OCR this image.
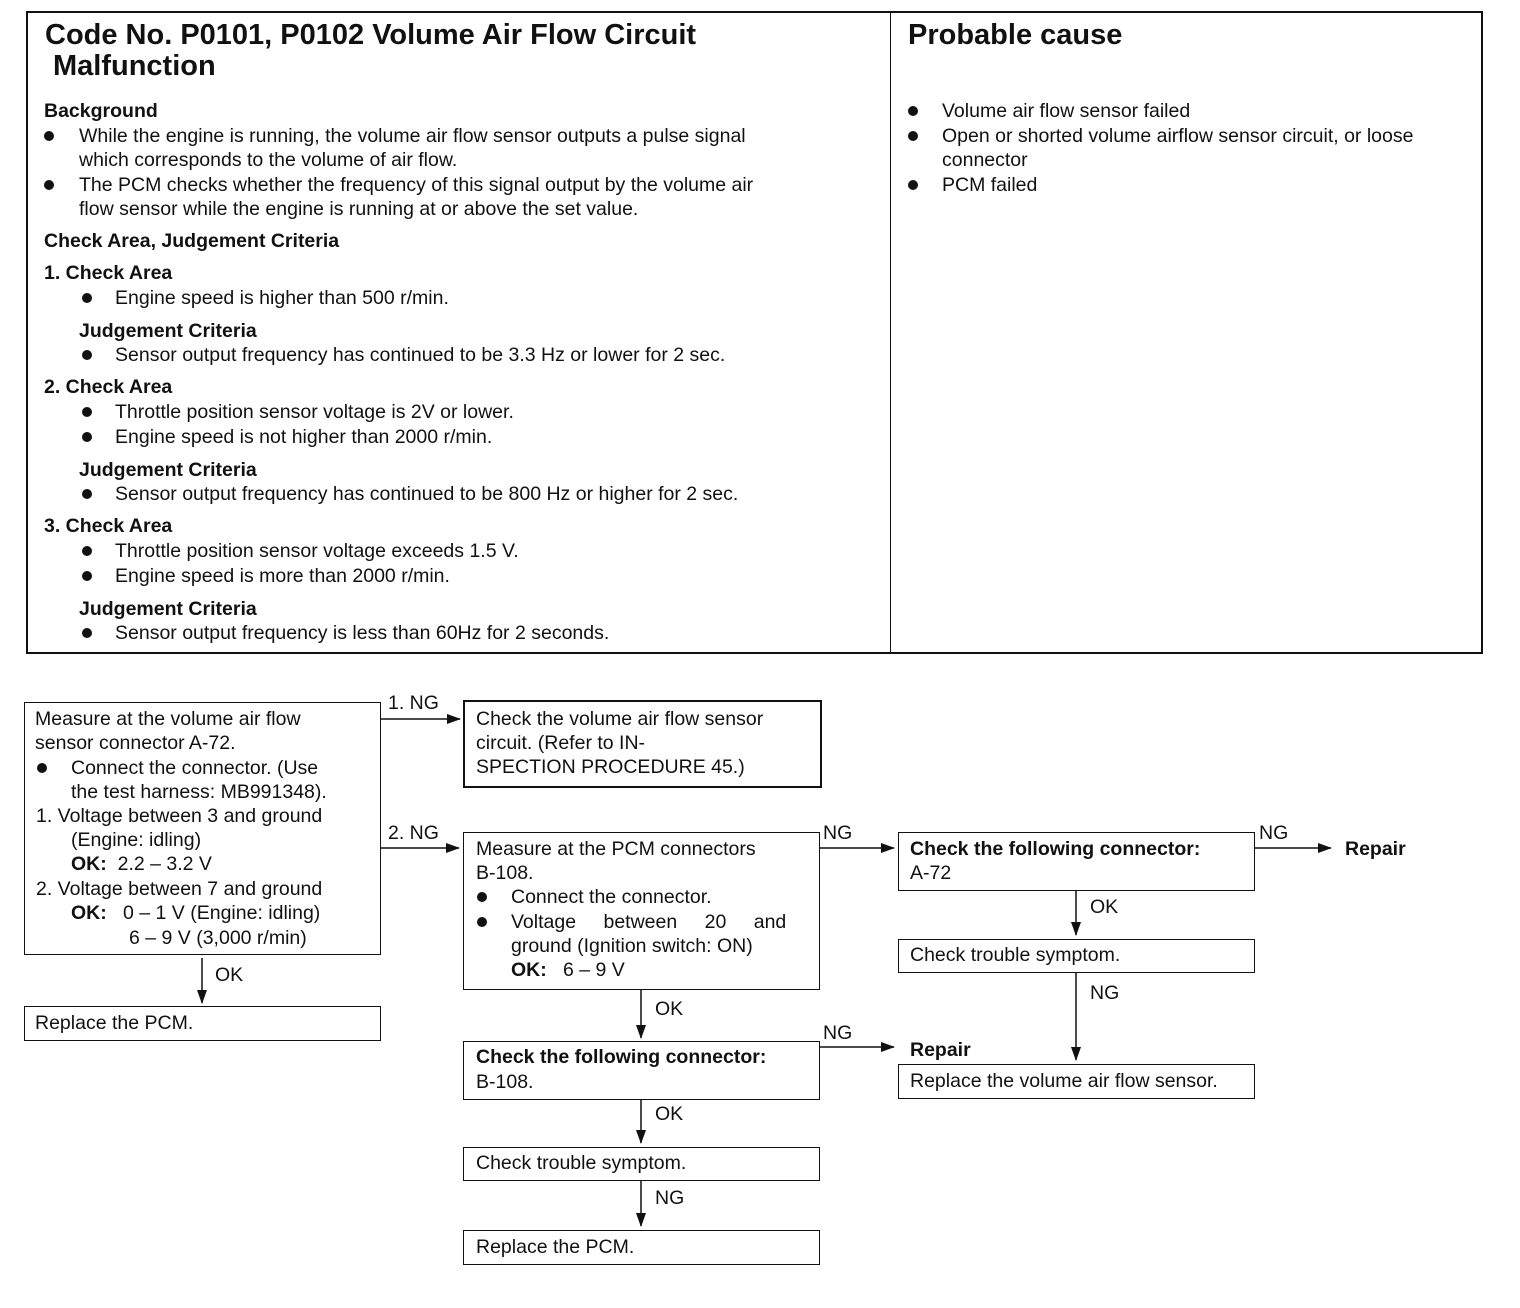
Code No. P0101, P0102 Volume Air Flow Circuit
Malfunction
Probable cause
Background
While the engine is running, the volume air flow sensor outputs a pulse signal
which corresponds to the volume of air flow.
The PCM checks whether the frequency of this signal output by the volume air
flow sensor while the engine is running at or above the set value.
Check Area, Judgement Criteria
1. Check Area
Engine speed is higher than 500 r/min.
Judgement Criteria
Sensor output frequency has continued to be 3.3 Hz or lower for 2 sec.
2. Check Area
Throttle position sensor voltage is 2V or lower.
Engine speed is not higher than 2000 r/min.
Judgement Criteria
Sensor output frequency has continued to be 800 Hz or higher for 2 sec.
3. Check Area
Throttle position sensor voltage exceeds 1.5 V.
Engine speed is more than 2000 r/min.
Judgement Criteria
Sensor output frequency is less than 60Hz for 2 seconds.
Volume air flow sensor failed
Open or shorted volume airflow sensor circuit, or loose
connector
PCM failed
Measure at the volume air flow
sensor connector A-72.
Connect the connector. (Use
the test harness: MB991348).
1. Voltage between 3 and ground
(Engine: idling)
OK: 2.2 – 3.2 V
2. Voltage between 7 and ground
OK: 0 – 1 V (Engine: idling)
6 – 9 V (3,000 r/min)
OK
Replace the PCM.
1. NG
Check the volume air flow sensor
circuit. (Refer to IN-
SPECTION PROCEDURE 45.)
2. NG
Measure at the PCM connectors
B-108.
Connect the connector.
Voltage between 20 and
ground (Ignition switch: ON)
OK: 6 – 9 V
NG
Check the following connector:
A-72
NG
Repair
OK
Check trouble symptom.
NG
Repair
Replace the volume air flow sensor.
OK
Check the following connector:
B-108.
NG
OK
Check trouble symptom.
NG
Replace the PCM.
